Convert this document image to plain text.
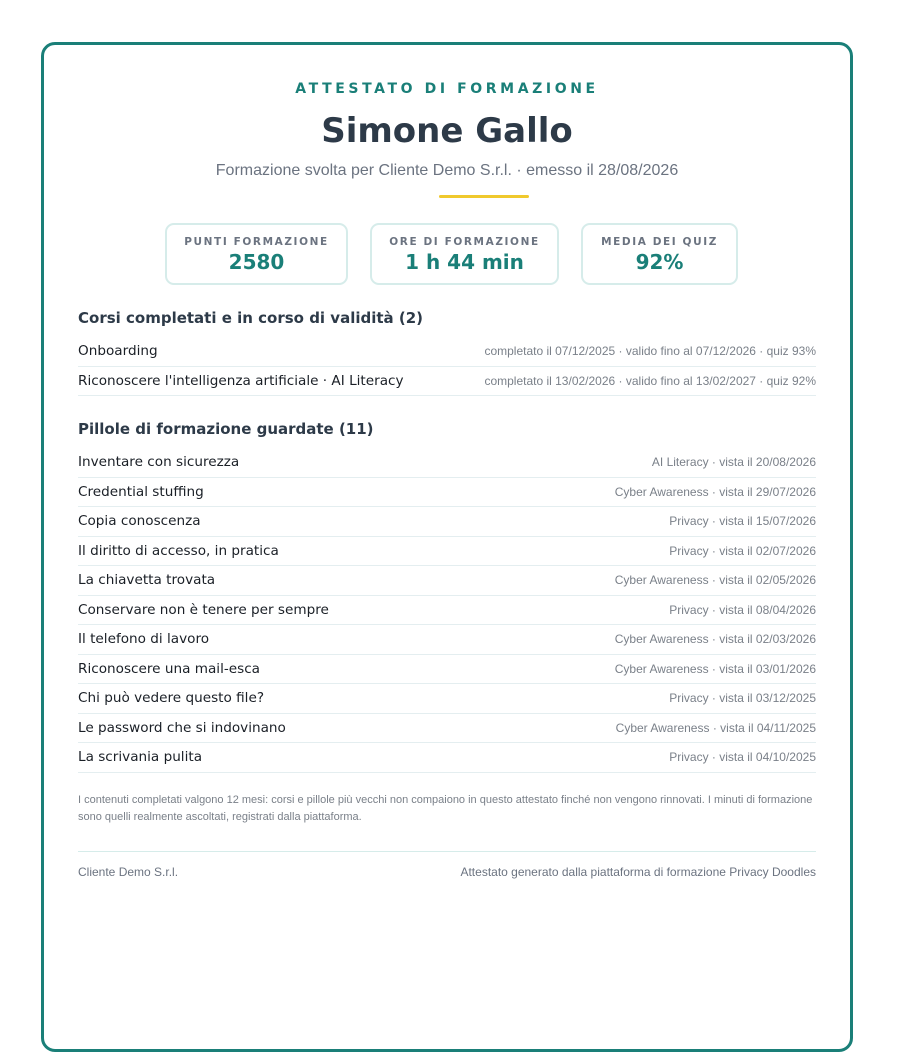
ATTESTATO DI FORMAZIONE
Simone Gallo
Formazione svolta per Cliente Demo S.r.l. · emesso il 28/08/2026
PUNTI FORMAZIONE
2580
ORE DI FORMAZIONE
1 h 44 min
MEDIA DEI QUIZ
92%
Corsi completati e in corso di validità (2)
Onboarding	completato il 07/12/2025 · valido fino al 07/12/2026 · quiz 93%
Riconoscere l'intelligenza artificiale · AI Literacy	completato il 13/02/2026 · valido fino al 13/02/2027 · quiz 92%
Pillole di formazione guardate (11)
Inventare con sicurezza	AI Literacy · vista il 20/08/2026
Credential stuffing	Cyber Awareness · vista il 29/07/2026
Copia conoscenza	Privacy · vista il 15/07/2026
Il diritto di accesso, in pratica	Privacy · vista il 02/07/2026
La chiavetta trovata	Cyber Awareness · vista il 02/05/2026
Conservare non è tenere per sempre	Privacy · vista il 08/04/2026
Il telefono di lavoro	Cyber Awareness · vista il 02/03/2026
Riconoscere una mail-esca	Cyber Awareness · vista il 03/01/2026
Chi può vedere questo file?	Privacy · vista il 03/12/2025
Le password che si indovinano	Cyber Awareness · vista il 04/11/2025
La scrivania pulita	Privacy · vista il 04/10/2025
I contenuti completati valgono 12 mesi: corsi e pillole più vecchi non compaiono in questo attestato finché non vengono rinnovati. I minuti di formazione sono quelli realmente ascoltati, registrati dalla piattaforma.
Cliente Demo S.r.l.	Attestato generato dalla piattaforma di formazione Privacy Doodles
